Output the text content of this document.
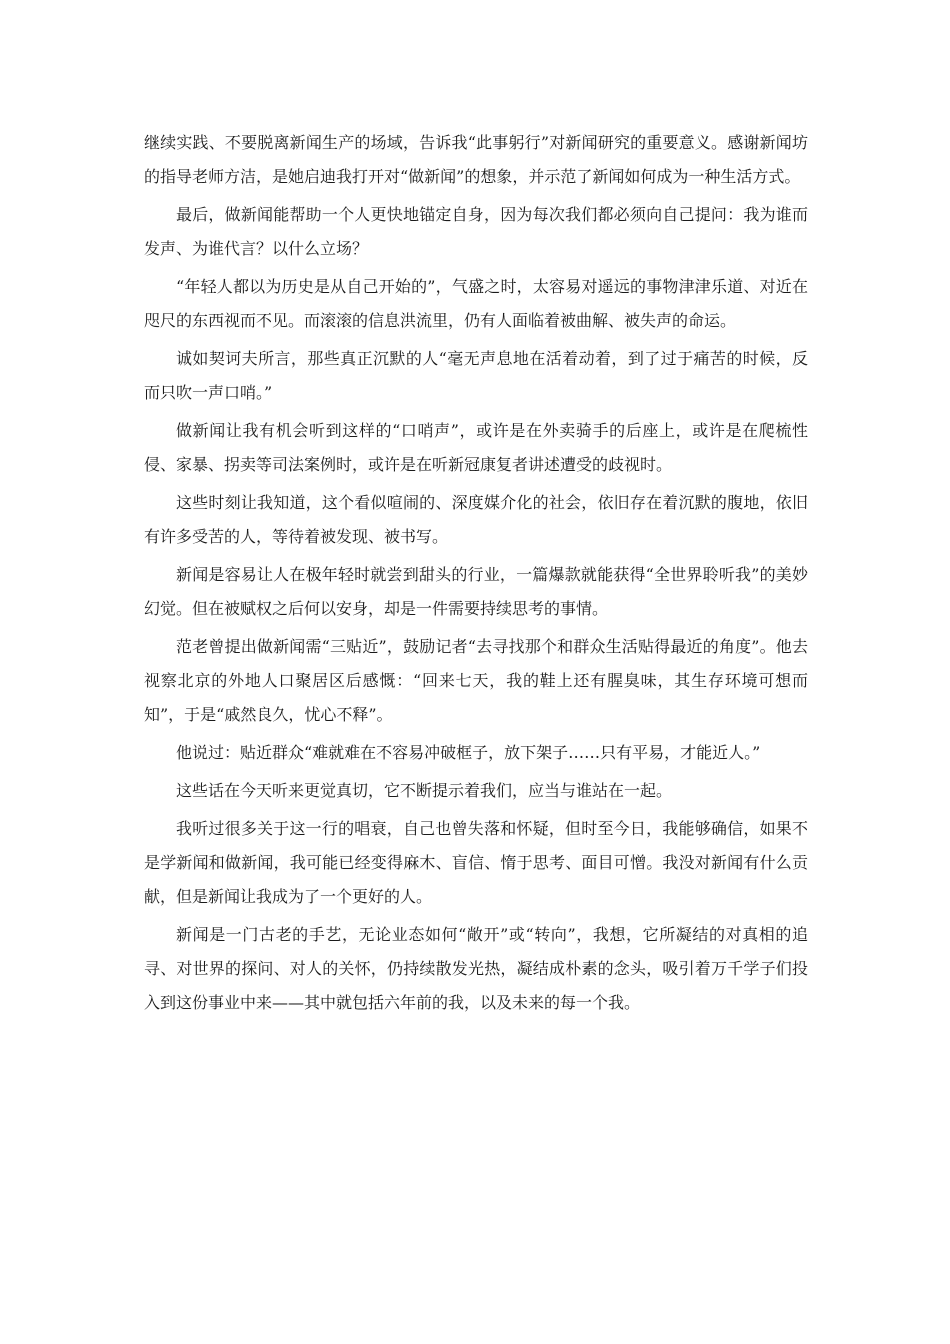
继续实践、不要脱离新闻生产的场域，告诉我“此事躬行”对新闻研究的重要意义。感谢新闻坊的指导老师方洁，是她启迪我打开对“做新闻”的想象，并示范了新闻如何成为一种生活方式。

最后，做新闻能帮助一个人更快地锚定自身，因为每次我们都必须向自己提问：我为谁而发声、为谁代言？以什么立场？

“年轻人都以为历史是从自己开始的”，气盛之时，太容易对遥远的事物津津乐道、对近在咫尺的东西视而不见。而滚滚的信息洪流里，仍有人面临着被曲解、被失声的命运。

诚如契诃夫所言，那些真正沉默的人“毫无声息地在活着动着，到了过于痛苦的时候，反而只吹一声口哨。”

做新闻让我有机会听到这样的“口哨声”，或许是在外卖骑手的后座上，或许是在爬梳性侵、家暴、拐卖等司法案例时，或许是在听新冠康复者讲述遭受的歧视时。

这些时刻让我知道，这个看似喧闹的、深度媒介化的社会，依旧存在着沉默的腹地，依旧有许多受苦的人，等待着被发现、被书写。

新闻是容易让人在极年轻时就尝到甜头的行业，一篇爆款就能获得“全世界聆听我”的美妙幻觉。但在被赋权之后何以安身，却是一件需要持续思考的事情。

范老曾提出做新闻需“三贴近”，鼓励记者“去寻找那个和群众生活贴得最近的角度”。他去视察北京的外地人口聚居区后感慨：“回来七天，我的鞋上还有腥臭味，其生存环境可想而知”，于是“戚然良久，忧心不释”。

他说过：贴近群众“难就难在不容易冲破框子，放下架子……只有平易，才能近人。”

这些话在今天听来更觉真切，它不断提示着我们，应当与谁站在一起。

我听过很多关于这一行的唱衰，自己也曾失落和怀疑，但时至今日，我能够确信，如果不是学新闻和做新闻，我可能已经变得麻木、盲信、惰于思考、面目可憎。我没对新闻有什么贡献，但是新闻让我成为了一个更好的人。

新闻是一门古老的手艺，无论业态如何“敞开”或“转向”，我想，它所凝结的对真相的追寻、对世界的探问、对人的关怀，仍持续散发光热，凝结成朴素的念头，吸引着万千学子们投入到这份事业中来——其中就包括六年前的我，以及未来的每一个我。
